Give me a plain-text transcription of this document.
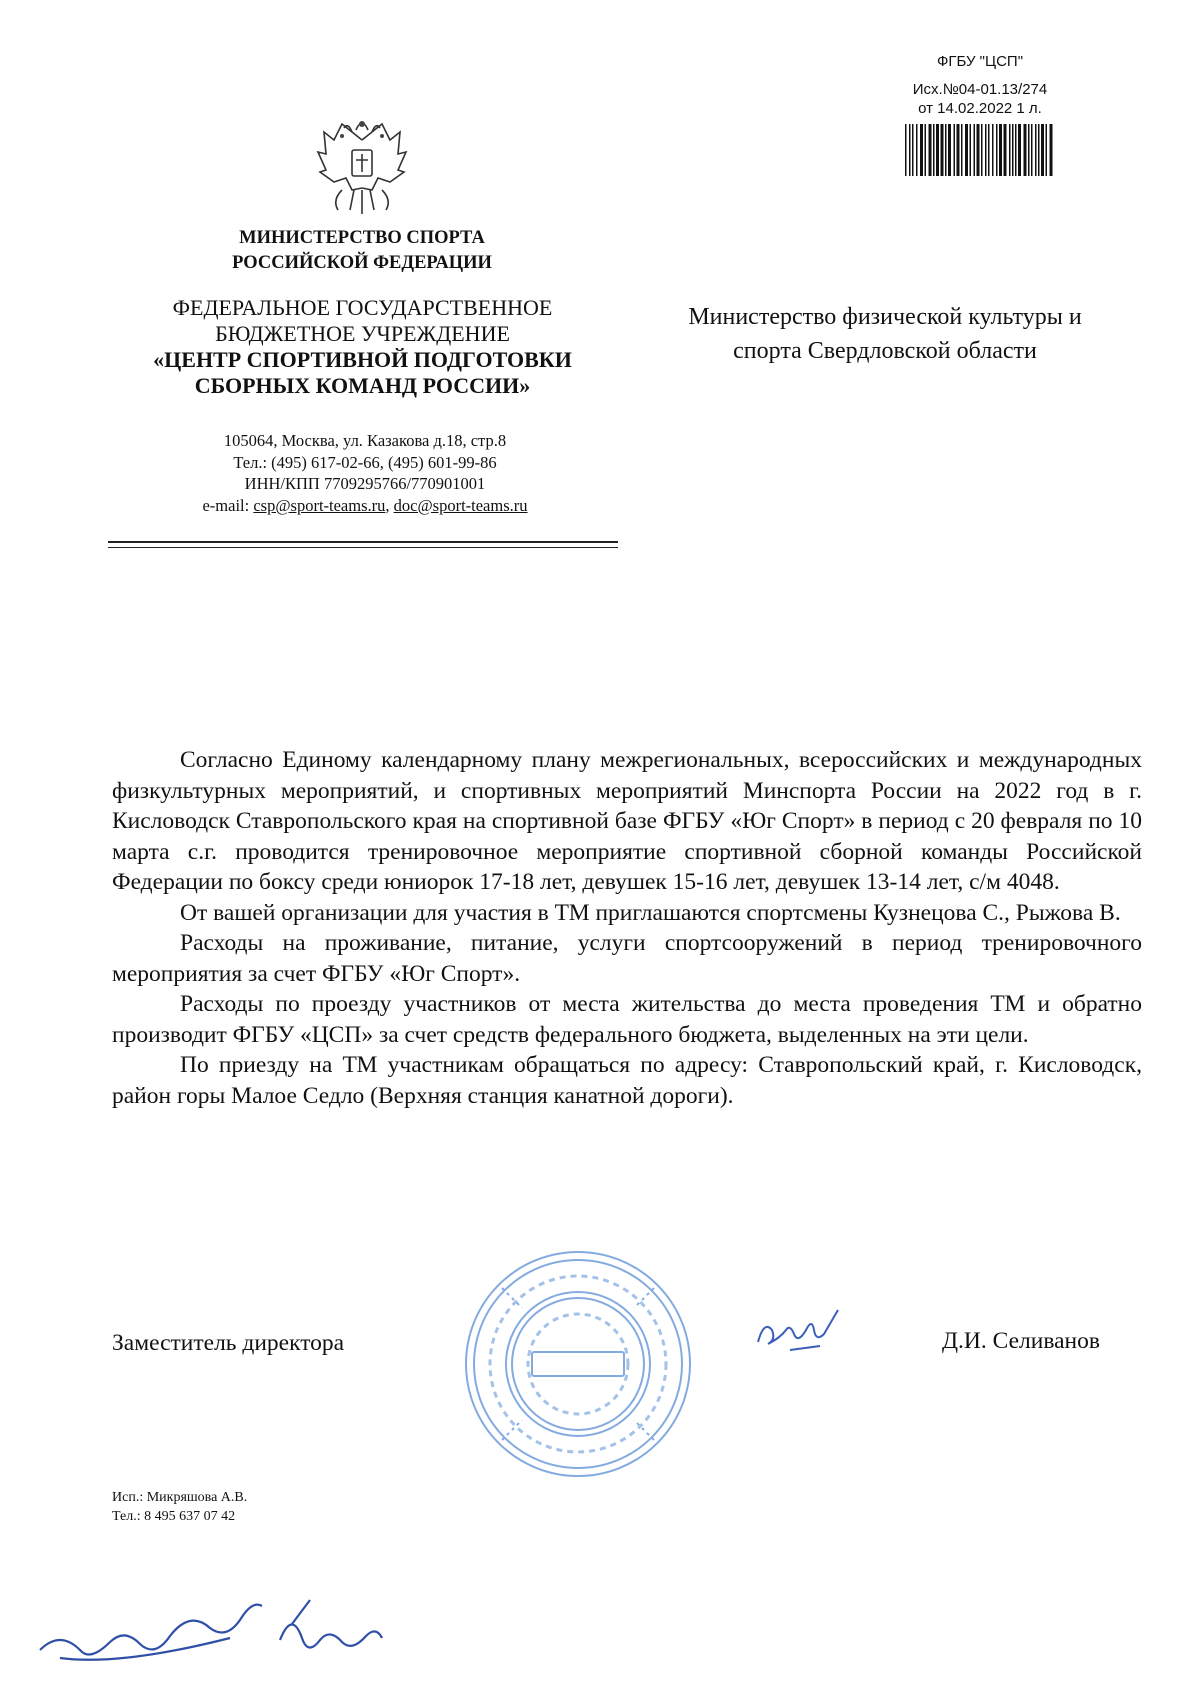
ФГБУ "ЦСП"
Исх.№04-01.13/274
от 14.02.2022 1 л.
МИНИСТЕРСТВО СПОРТА
РОССИЙСКОЙ ФЕДЕРАЦИИ
ФЕДЕРАЛЬНОЕ ГОСУДАРСТВЕННОЕ
БЮДЖЕТНОЕ УЧРЕЖДЕНИЕ
«ЦЕНТР СПОРТИВНОЙ ПОДГОТОВКИ
СБОРНЫХ КОМАНД РОССИИ»
105064, Москва, ул. Казакова д.18, стр.8
Тел.: (495) 617-02-66, (495) 601-99-86
ИНН/КПП 7709295766/770901001
e-mail: csp@sport-teams.ru, doc@sport-teams.ru
Министерство физической культуры и
спорта Свердловской области

Согласно Единому календарному плану межрегиональных, всероссийских и международных физкультурных мероприятий, и спортивных мероприятий Минспорта России на 2022 год в г. Кисловодск Ставропольского края на спортивной базе ФГБУ «Юг Спорт» в период с 20 февраля по 10 марта с.г. проводится тренировочное мероприятие спортивной сборной команды Российской Федерации по боксу среди юниорок 17-18 лет, девушек 15-16 лет, девушек 13-14 лет, с/м 4048.

От вашей организации для участия в ТМ приглашаются спортсмены Кузнецова С., Рыжова В.

Расходы на проживание, питание, услуги спортсооружений в период тренировочного мероприятия за счет ФГБУ «Юг Спорт».

Расходы по проезду участников от места жительства до места проведения ТМ и обратно производит ФГБУ «ЦСП» за счет средств федерального бюджета, выделенных на эти цели.

По приезду на ТМ участникам обращаться по адресу: Ставропольский край, г. Кисловодск, район горы Малое Седло (Верхняя станция канатной дороги).

Заместитель директора	Д.И. Селиванов
Исп.: Микряшова А.В.
Тел.: 8 495 637 07 42
